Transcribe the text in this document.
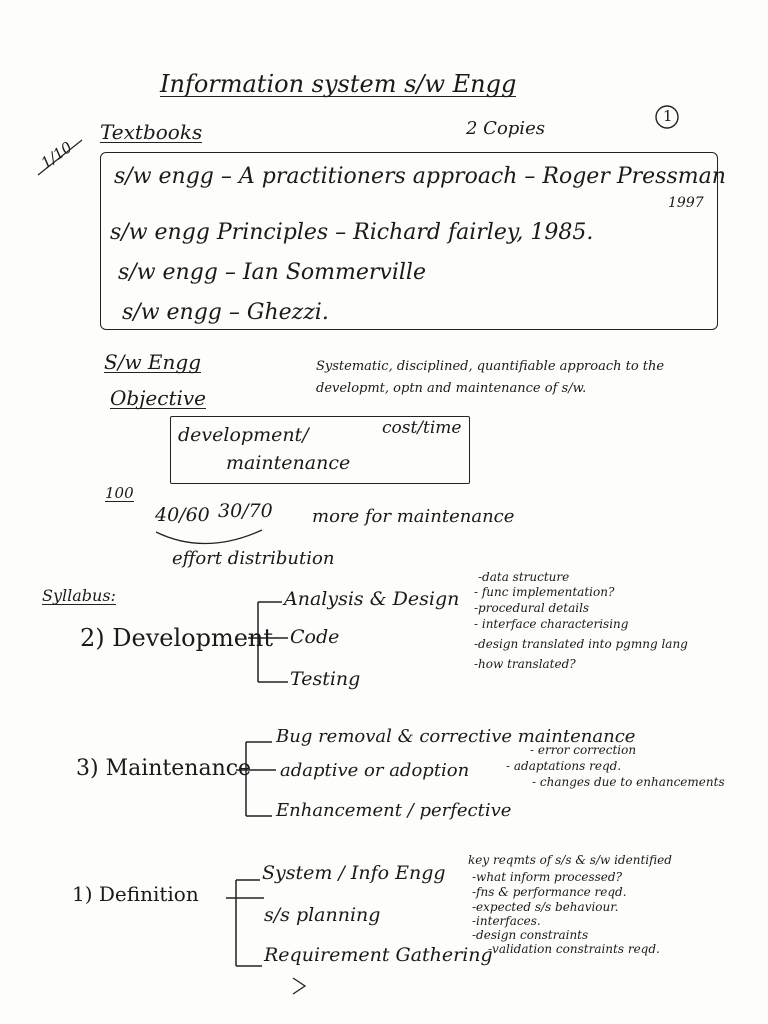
Information system s/w Engg
1
1/10
Textbooks	2 Copies
s/w engg – A practitioners approach – Roger Pressman
1997
s/w engg Principles – Richard fairley, 1985.
s/w engg – Ian Sommerville
s/w engg – Ghezzi.
S/w Engg	Systematic, disciplined, quantifiable approach to the
developmt, optn and maintenance of s/w.
Objective
development/
maintenance
cost/time
100
40/60 30/70 more for maintenance
effort distribution
Syllabus:
2) Development
Analysis & Design
Code
Testing
-data structure
- func implementation?
-procedural details
- interface characterising
-design translated into pgmng lang
-how translated?
3) Maintenance
Bug removal & corrective maintenance
adaptive or adoption
Enhancement / perfective
- error correction
- adaptations reqd.
- changes due to enhancements
1) Definition
System / Info Engg
s/s planning
Requirement Gathering
key reqmts of s/s & s/w identified
-what inform processed?
-fns & performance reqd.
-expected s/s behaviour.
-interfaces.
-design constraints
-validation constraints reqd.
